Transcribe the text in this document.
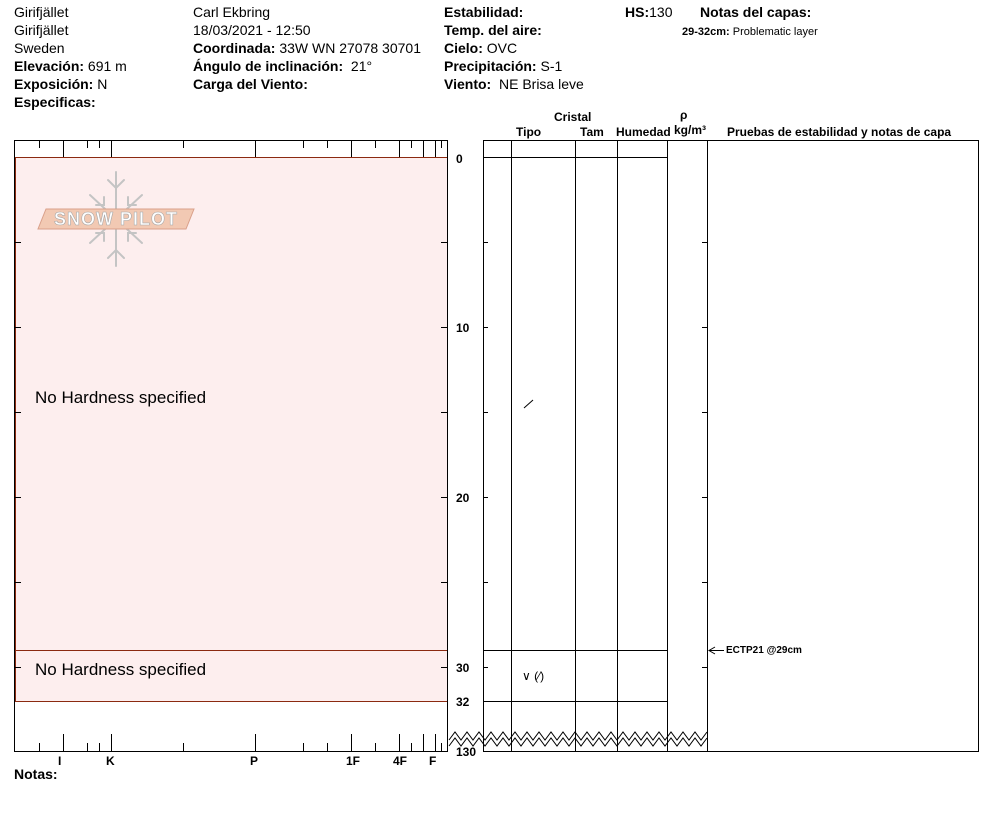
Girifjället
Girifjället
Sweden
Elevación: 691 m
Exposición: N
Especificas:
Carl Ekbring
18/03/2021 - 12:50
Coordinada: 33W WN 27078 30701
Ángulo de inclinación: 21°
Carga del Viento:
Estabilidad:
Temp. del aire:
Cielo: OVC
Precipitación: S-1
Viento: NE Brisa leve
HS:130 Notas del capas:
29-32cm: Problematic layer
Cristal
Tipo	Tam Humedad
ρ
kg/m³ Pruebas de estabilidad y notas de capa
SNOW PILOT
0
10
20
30
32
130
I	K	P	1F	4F F
No Hardness specified
No Hardness specified	∨ (⁄)
ECTP21 @29cm
Notas:
